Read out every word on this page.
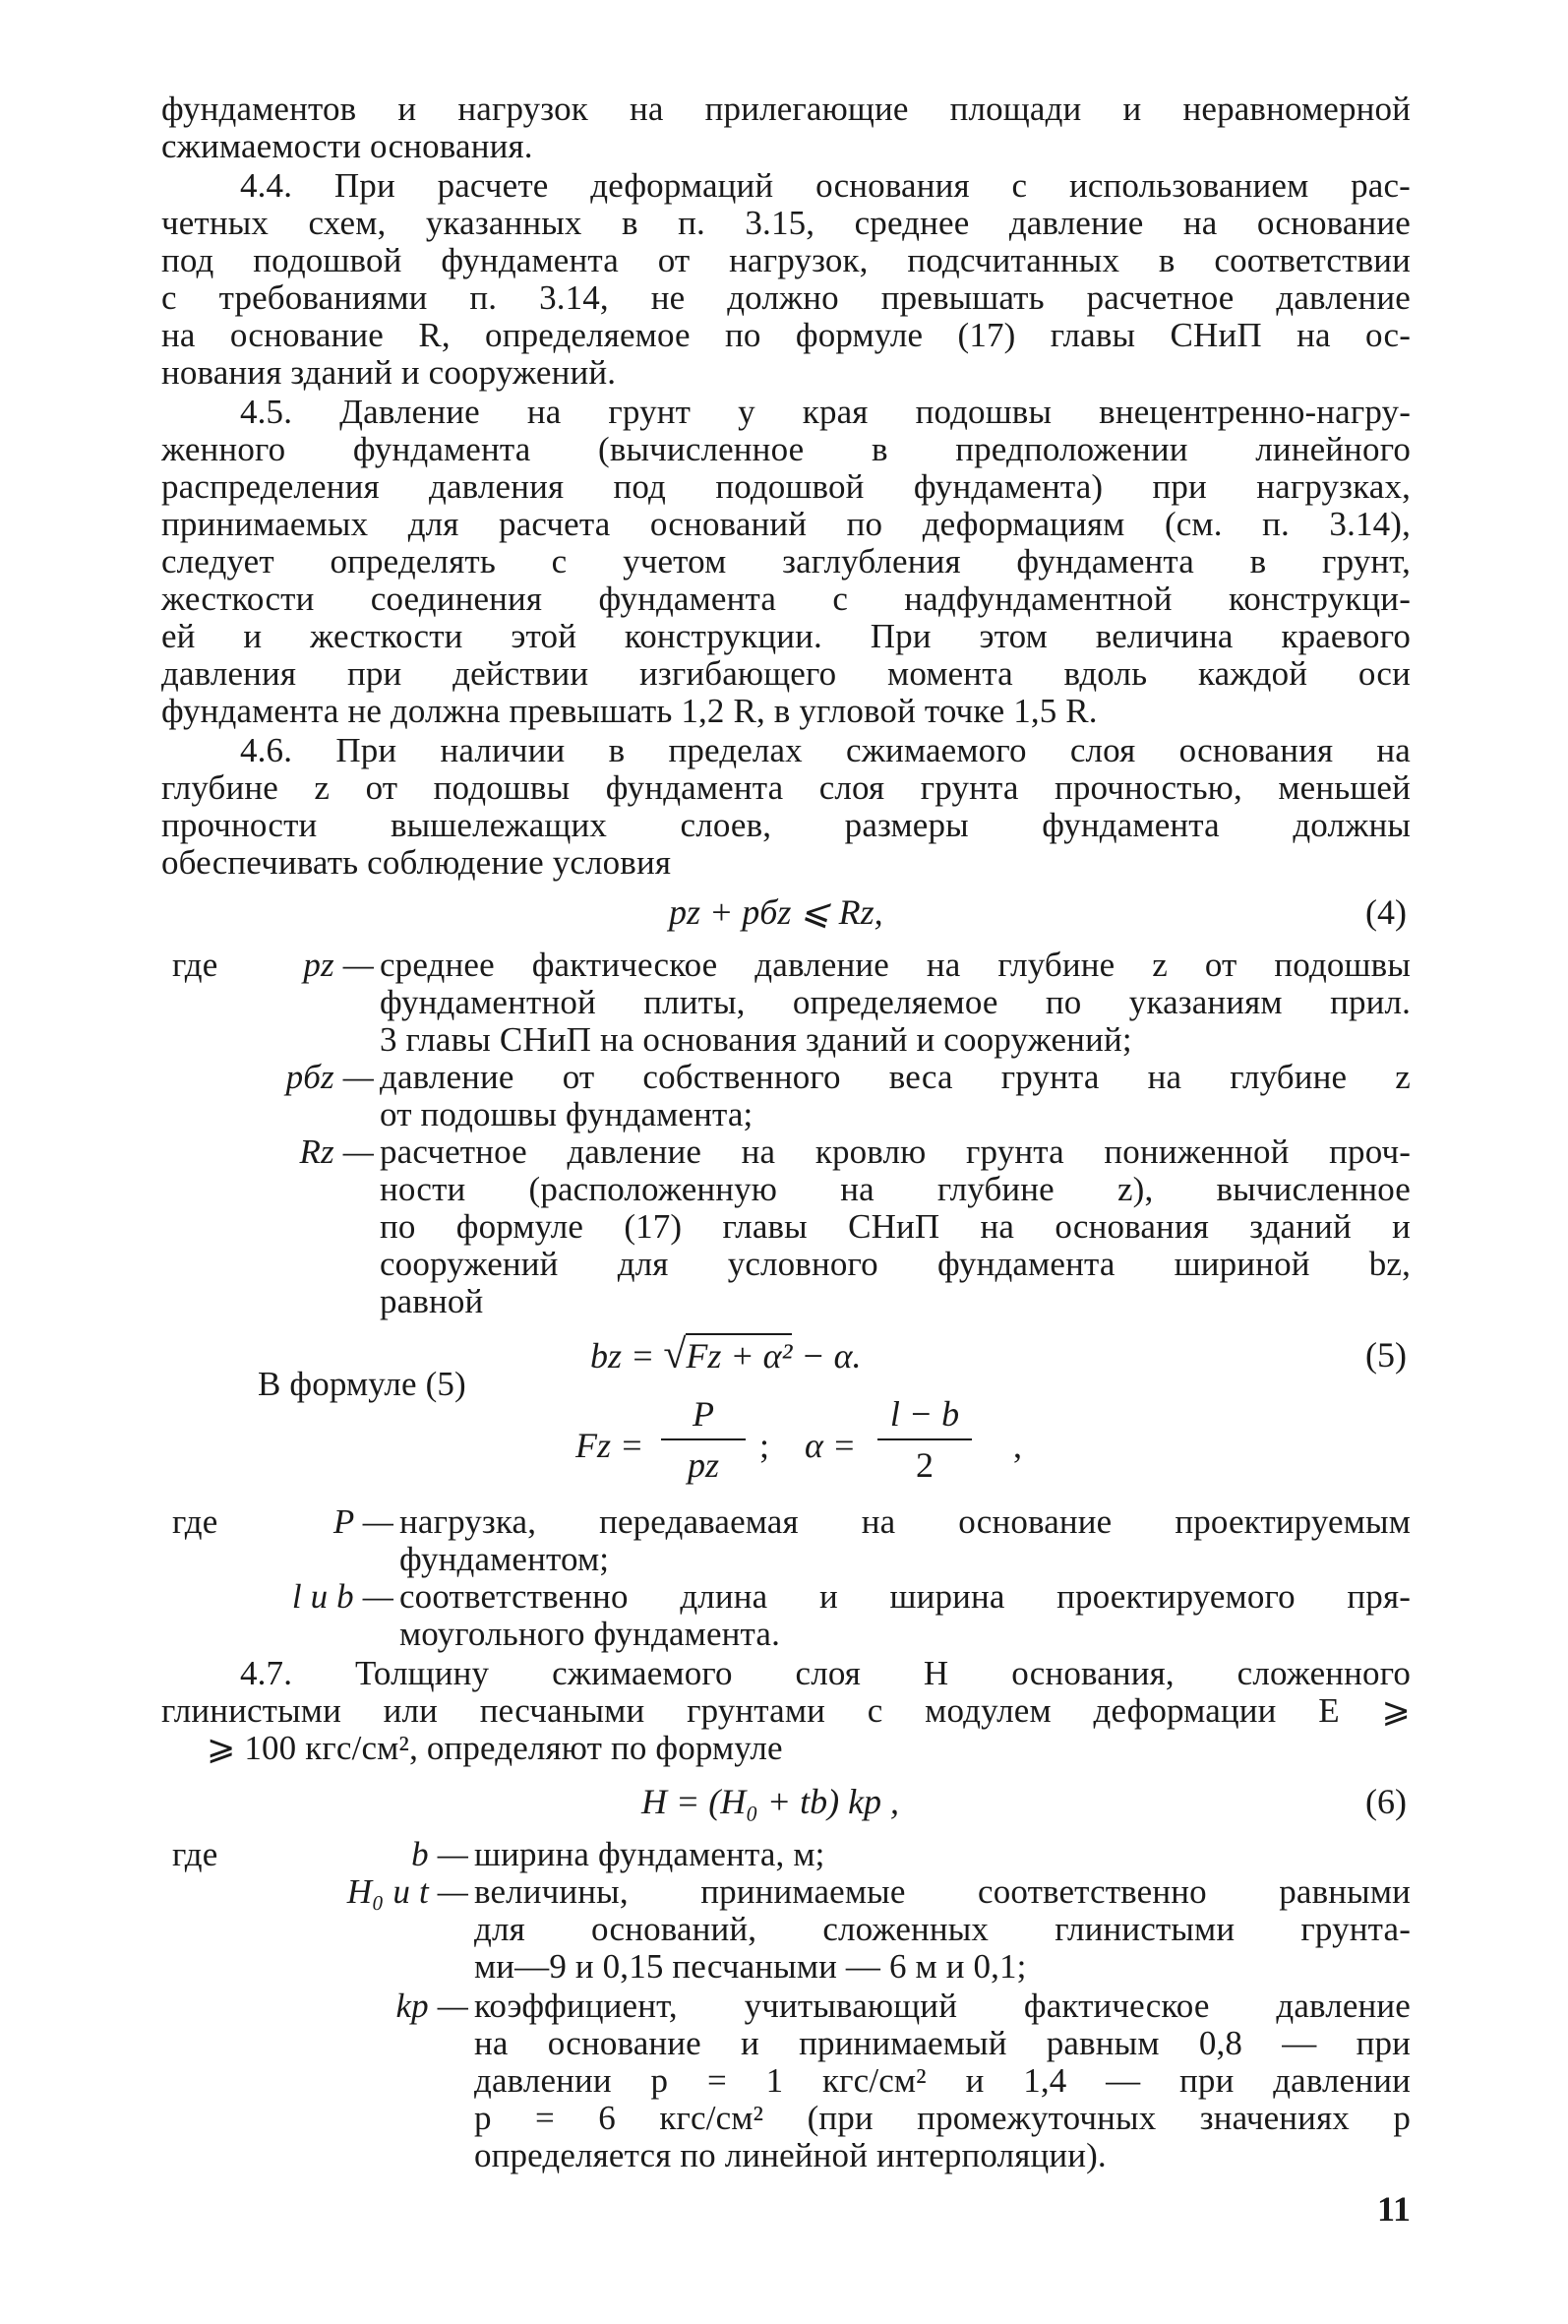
фундаментов и нагрузок на прилегающие площади и неравномерной
сжимаемости основания.
4.4. При расчете деформаций основания с использованием рас-
четных схем, указанных в п. 3.15, среднее давление на основание
под подошвой фундамента от нагрузок, подсчитанных в соответствии
с требованиями п. 3.14, не должно превышать расчетное давление
на основание R, определяемое по формуле (17) главы СНиП на ос-
нования зданий и сооружений.
4.5. Давление на грунт у края подошвы внецентренно-нагру-
женного фундамента (вычисленное в предположении линейного
распределения давления под подошвой фундамента) при нагрузках,
принимаемых для расчета оснований по деформациям (см. п. 3.14),
следует определять с учетом заглубления фундамента в грунт,
жесткости соединения фундамента с надфундаментной конструкци-
ей и жесткости этой конструкции. При этом величина краевого
давления при действии изгибающего момента вдоль каждой оси
фундамента не должна превышать 1,2 R, в угловой точке 1,5 R.
4.6. При наличии в пределах сжимаемого слоя основания на
глубине z от подошвы фундамента слоя грунта прочностью, меньшей
прочности вышележащих слоев, размеры фундамента должны
обеспечивать соблюдение условия
pz + pбz ⩽ Rz,	(4)
где	pz — среднее фактическое давление на глубине z от подошвы
фундаментной плиты, определяемое по указаниям прил.
3 главы СНиП на основания зданий и сооружений;
pбz — давление от собственного веса грунта на глубине z
от подошвы фундамента;
Rz — расчетное давление на кровлю грунта пониженной проч-
ности (расположенную на глубине z), вычисленное
по формуле (17) главы СНиП на основания зданий и
сооружений для условного фундамента шириной bz,
равной
bz = √Fz + α² − α.	(5)
В формуле (5)
Fz =
P
pz	; α =
l − b
2	,
где	P — нагрузка, передаваемая на основание проектируемым
фундаментом;
l и b — соответственно длина и ширина проектируемого пря-
моугольного фундамента.
4.7. Толщину сжимаемого слоя H основания, сложенного
глинистыми или песчаными грунтами с модулем деформации E ⩾
⩾ 100 кгс/см², определяют по формуле
H = (H₀ + tb) kp ,	(6)
где	b — ширина фундамента, м;
H₀ и t — величины, принимаемые соответственно равными
для оснований, сложенных глинистыми грунта-
ми—9 и 0,15 песчаными — 6 м и 0,1;
kp — коэффициент, учитывающий фактическое давление
на основание и принимаемый равным 0,8 — при
давлении p = 1 кгс/см² и 1,4 — при давлении
p = 6 кгс/см² (при промежуточных значениях p
определяется по линейной интерполяции).
11
